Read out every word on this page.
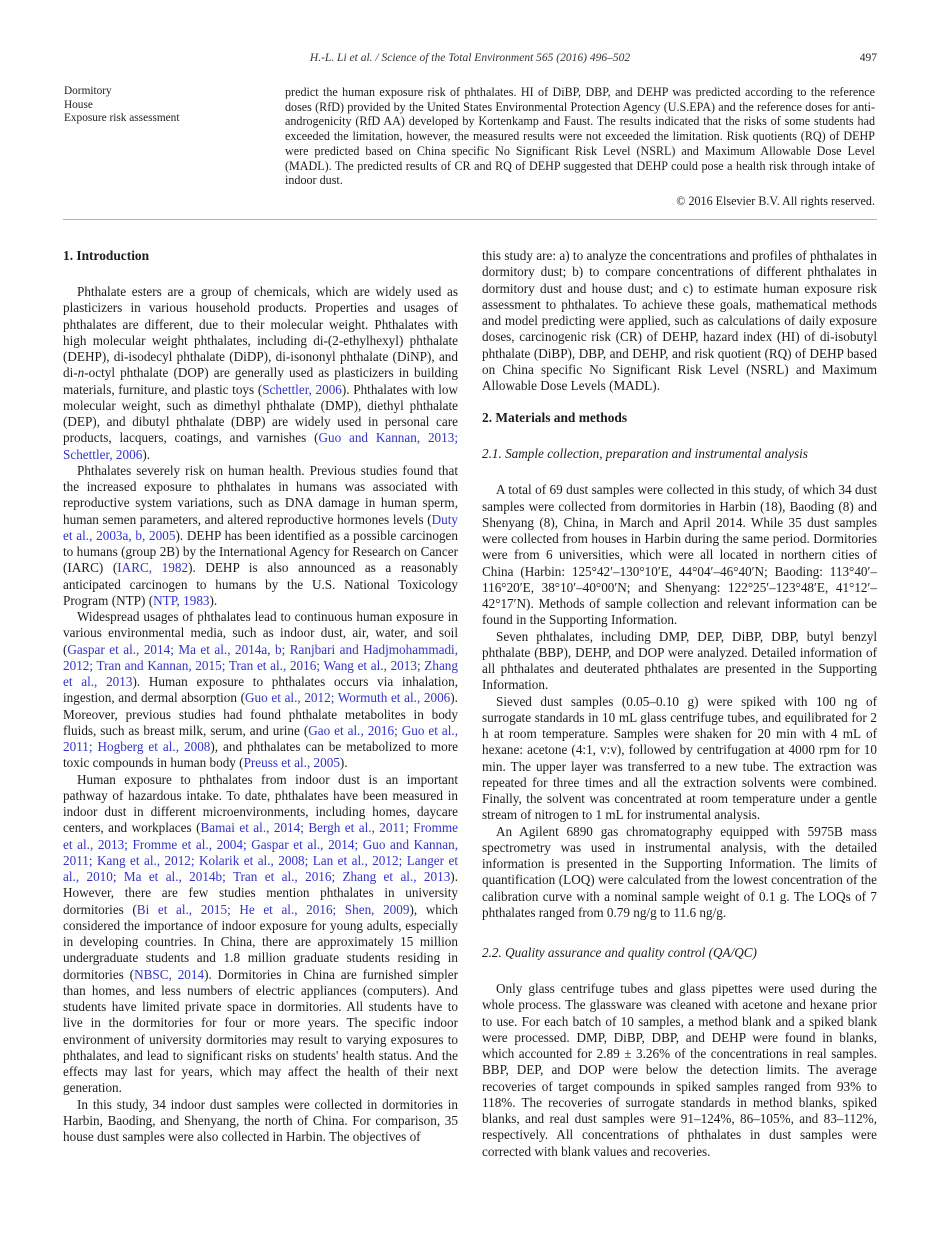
H.-L. Li et al. / Science of the Total Environment 565 (2016) 496–502	497
Dormitory
House
Exposure risk assessment
predict the human exposure risk of phthalates. HI of DiBP, DBP, and DEHP was predicted according to the reference doses (RfD) provided by the United States Environmental Protection Agency (U.S.EPA) and the reference doses for anti-androgenicity (RfD AA) developed by Kortenkamp and Faust. The results indicated that the risks of some students had exceeded the limitation, however, the measured results were not exceeded the limitation. Risk quotients (RQ) of DEHP were predicted based on China specific No Significant Risk Level (NSRL) and Maximum Allowable Dose Level (MADL). The predicted results of CR and RQ of DEHP suggested that DEHP could pose a health risk through intake of indoor dust.
© 2016 Elsevier B.V. All rights reserved.
1. Introduction

Phthalate esters are a group of chemicals, which are widely used as plasticizers in various household products. Properties and usages of phthalates are different, due to their molecular weight. Phthalates with high molecular weight phthalates, including di-(2-ethylhexyl) phthalate (DEHP), di-isodecyl phthalate (DiDP), di-isononyl phthalate (DiNP), and di-n-octyl phthalate (DOP) are generally used as plasticizers in building materials, furniture, and plastic toys (Schettler, 2006). Phthalates with low molecular weight, such as dimethyl phthalate (DMP), diethyl phthalate (DEP), and dibutyl phthalate (DBP) are widely used in personal care products, lacquers, coatings, and varnishes (Guo and Kannan, 2013; Schettler, 2006).

Phthalates severely risk on human health. Previous studies found that the increased exposure to phthalates in humans was associated with reproductive system variations, such as DNA damage in human sperm, human semen parameters, and altered reproductive hormones levels (Duty et al., 2003a, b, 2005). DEHP has been identified as a possible carcinogen to humans (group 2B) by the International Agency for Research on Cancer (IARC) (IARC, 1982). DEHP is also announced as a reasonably anticipated carcinogen to humans by the U.S. National Toxicology Program (NTP) (NTP, 1983).

Widespread usages of phthalates lead to continuous human exposure in various environmental media, such as indoor dust, air, water, and soil (Gaspar et al., 2014; Ma et al., 2014a, b; Ranjbari and Hadjmohammadi, 2012; Tran and Kannan, 2015; Tran et al., 2016; Wang et al., 2013; Zhang et al., 2013). Human exposure to phthalates occurs via inhalation, ingestion, and dermal absorption (Guo et al., 2012; Wormuth et al., 2006). Moreover, previous studies had found phthalate metabolites in body fluids, such as breast milk, serum, and urine (Gao et al., 2016; Guo et al., 2011; Hogberg et al., 2008), and phthalates can be metabolized to more toxic compounds in human body (Preuss et al., 2005).

Human exposure to phthalates from indoor dust is an important pathway of hazardous intake. To date, phthalates have been measured in indoor dust in different microenvironments, including homes, daycare centers, and workplaces (Bamai et al., 2014; Bergh et al., 2011; Fromme et al., 2013; Fromme et al., 2004; Gaspar et al., 2014; Guo and Kannan, 2011; Kang et al., 2012; Kolarik et al., 2008; Lan et al., 2012; Langer et al., 2010; Ma et al., 2014b; Tran et al., 2016; Zhang et al., 2013). However, there are few studies mention phthalates in university dormitories (Bi et al., 2015; He et al., 2016; Shen, 2009), which considered the importance of indoor exposure for young adults, especially in developing countries. In China, there are approximately 15 million undergraduate students and 1.8 million graduate students residing in dormitories (NBSC, 2014). Dormitories in China are furnished simpler than homes, and less numbers of electric appliances (computers). And students have limited private space in dormitories. All students have to live in the dormitories for four or more years. The specific indoor environment of university dormitories may result to varying exposures to phthalates, and lead to significant risks on students' health status. And the effects may last for years, which may affect the health of their next generation.

In this study, 34 indoor dust samples were collected in dormitories in Harbin, Baoding, and Shenyang, the north of China. For comparison, 35 house dust samples were also collected in Harbin. The objectives of

this study are: a) to analyze the concentrations and profiles of phthalates in dormitory dust; b) to compare concentrations of different phthalates in dormitory dust and house dust; and c) to estimate human exposure risk assessment to phthalates. To achieve these goals, mathematical methods and model predicting were applied, such as calculations of daily exposure doses, carcinogenic risk (CR) of DEHP, hazard index (HI) of di-isobutyl phthalate (DiBP), DBP, and DEHP, and risk quotient (RQ) of DEHP based on China specific No Significant Risk Level (NSRL) and Maximum Allowable Dose Levels (MADL).

2. Materials and methods
2.1. Sample collection, preparation and instrumental analysis

A total of 69 dust samples were collected in this study, of which 34 dust samples were collected from dormitories in Harbin (18), Baoding (8) and Shenyang (8), China, in March and April 2014. While 35 dust samples were collected from houses in Harbin during the same period. Dormitories were from 6 universities, which were all located in northern cities of China (Harbin: 125°42′–130°10′E, 44°04′–46°40′N; Baoding: 113°40′–116°20′E, 38°10′–40°00′N; and Shenyang: 122°25′–123°48′E, 41°12′–42°17′N). Methods of sample collection and relevant information can be found in the Supporting Information.

Seven phthalates, including DMP, DEP, DiBP, DBP, butyl benzyl phthalate (BBP), DEHP, and DOP were analyzed. Detailed information of all phthalates and deuterated phthalates are presented in the Supporting Information.

Sieved dust samples (0.05–0.10 g) were spiked with 100 ng of surrogate standards in 10 mL glass centrifuge tubes, and equilibrated for 2 h at room temperature. Samples were shaken for 20 min with 4 mL of hexane: acetone (4:1, v:v), followed by centrifugation at 4000 rpm for 10 min. The upper layer was transferred to a new tube. The extraction was repeated for three times and all the extraction solvents were combined. Finally, the solvent was concentrated at room temperature under a gentle stream of nitrogen to 1 mL for instrumental analysis.

An Agilent 6890 gas chromatography equipped with 5975B mass spectrometry was used in instrumental analysis, with the detailed information is presented in the Supporting Information. The limits of quantification (LOQ) were calculated from the lowest concentration of the calibration curve with a nominal sample weight of 0.1 g. The LOQs of 7 phthalates ranged from 0.79 ng/g to 11.6 ng/g.

2.2. Quality assurance and quality control (QA/QC)

Only glass centrifuge tubes and glass pipettes were used during the whole process. The glassware was cleaned with acetone and hexane prior to use. For each batch of 10 samples, a method blank and a spiked blank were processed. DMP, DiBP, DBP, and DEHP were found in blanks, which accounted for 2.89 ± 3.26% of the concentrations in real samples. BBP, DEP, and DOP were below the detection limits. The average recoveries of target compounds in spiked samples ranged from 93% to 118%. The recoveries of surrogate standards in method blanks, spiked blanks, and real dust samples were 91–124%, 86–105%, and 83–112%, respectively. All concentrations of phthalates in dust samples were corrected with blank values and recoveries.
